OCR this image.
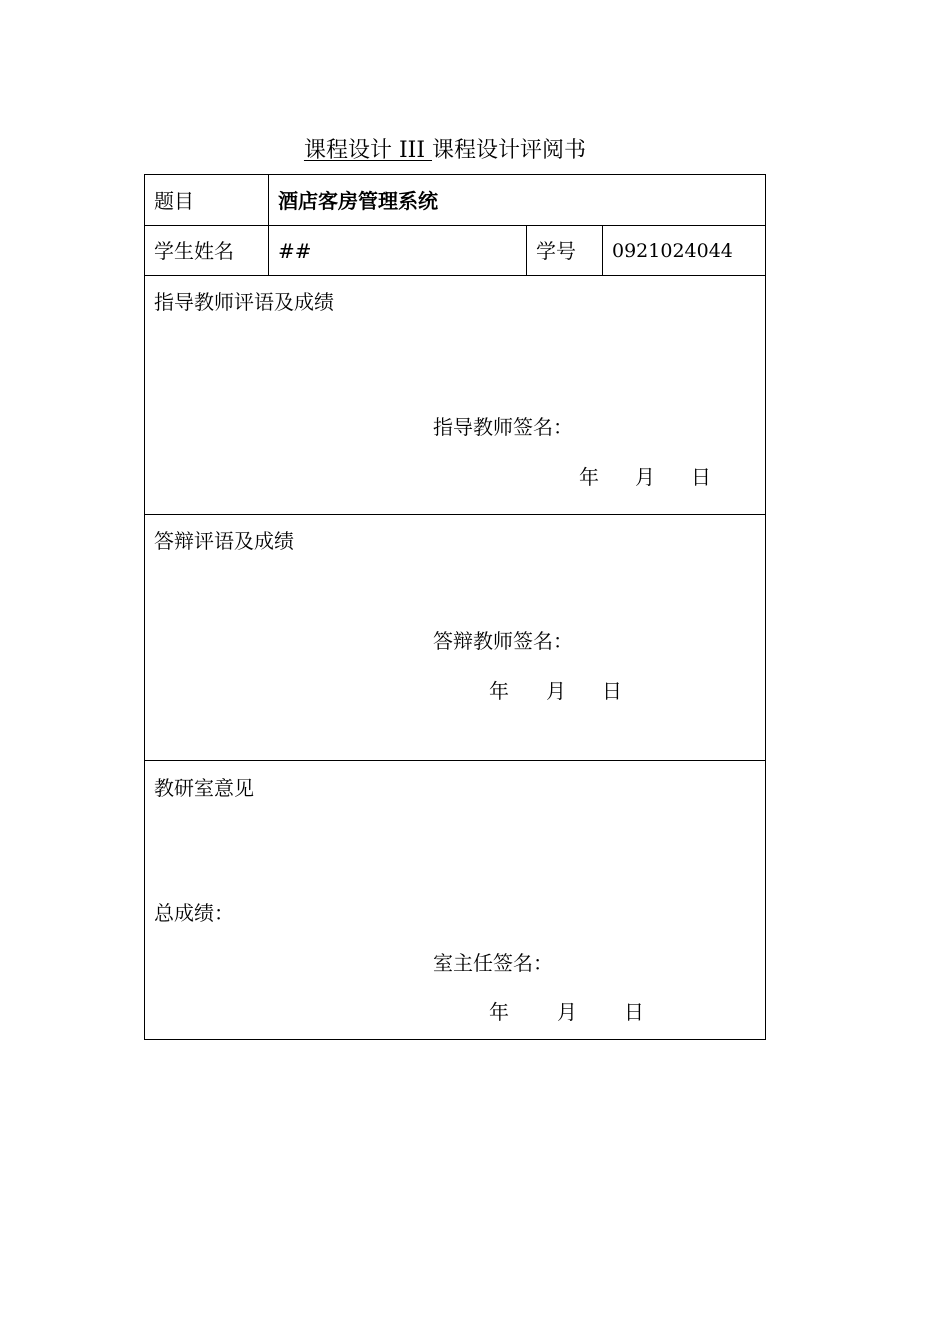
课程设计 III 课程设计评阅书
题目	酒店客房管理系统
学生姓名 ##	学号 0921024044
指导教师评语及成绩
指导教师签名：
年 月 日
答辩评语及成绩
答辩教师签名：
年 月 日
教研室意见
总成绩：
室主任签名：
年 月 日
